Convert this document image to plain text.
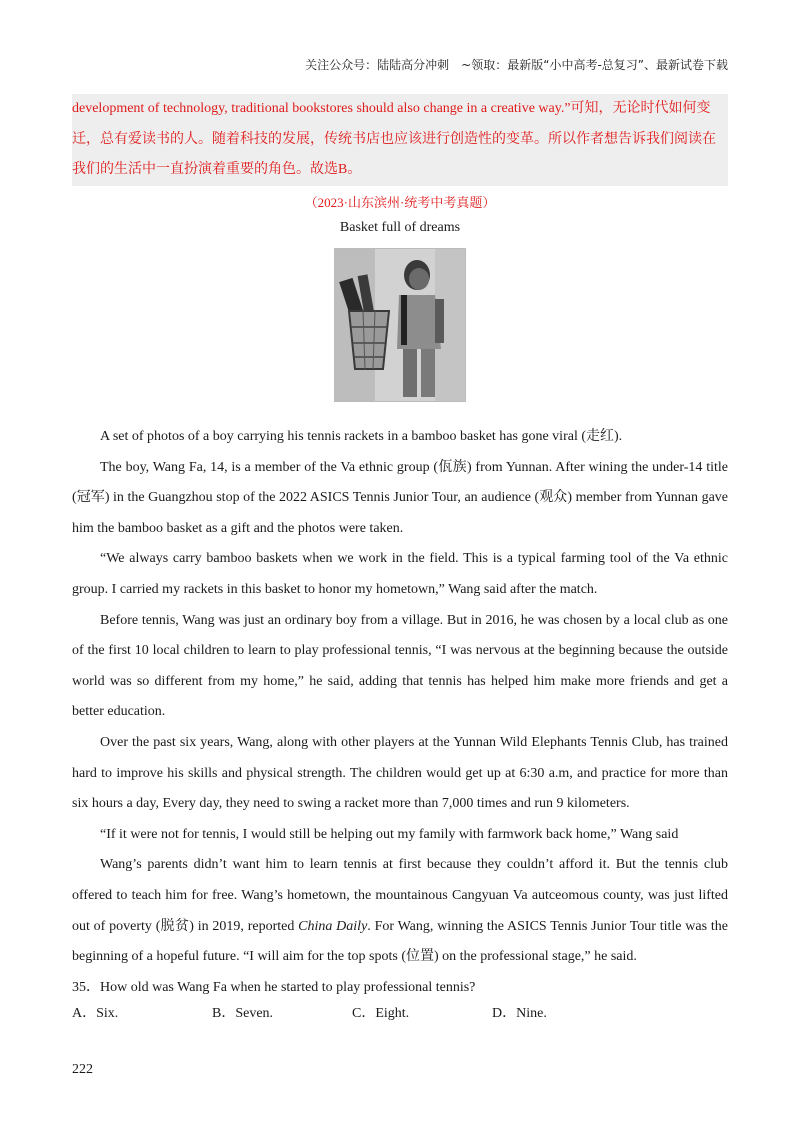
关注公众号：陆陆高分冲刺　~领取：最新版“小中高考-总复习”、最新试卷下载

development of technology, traditional bookstores should also change in a creative way.”可知，无论时代如何变迁，总有爱读书的人。随着科技的发展，传统书店也应该进行创造性的变革。所以作者想告诉我们阅读在我们的生活中一直扮演着重要的角色。故选B。

（2023·山东滨州·统考中考真题）
Basket full of dreams

A set of photos of a boy carrying his tennis rackets in a bamboo basket has gone viral (走红).

The boy, Wang Fa, 14, is a member of the Va ethnic group (佤族) from Yunnan. After wining the under-14 title (冠军) in the Guangzhou stop of the 2022 ASICS Tennis Junior Tour, an audience (观众) member from Yunnan gave him the bamboo basket as a gift and the photos were taken.

“We always carry bamboo baskets when we work in the field. This is a typical farming tool of the Va ethnic group. I carried my rackets in this basket to honor my hometown,” Wang said after the match.

Before tennis, Wang was just an ordinary boy from a village. But in 2016, he was chosen by a local club as one of the first 10 local children to learn to play professional tennis, “I was nervous at the beginning because the outside world was so different from my home,” he said, adding that tennis has helped him make more friends and get a better education.

Over the past six years, Wang, along with other players at the Yunnan Wild Elephants Tennis Club, has trained hard to improve his skills and physical strength. The children would get up at 6:30 a.m, and practice for more than six hours a day, Every day, they need to swing a racket more than 7,000 times and run 9 kilometers.

“If it were not for tennis, I would still be helping out my family with farmwork back home,” Wang said

Wang’s parents didn’t want him to learn tennis at first because they couldn’t afford it. But the tennis club offered to teach him for free. Wang’s hometown, the mountainous Cangyuan Va autceomous county, was just lifted out of poverty (脱贫) in 2019, reported China Daily. For Wang, winning the ASICS Tennis Junior Tour title was the beginning of a hopeful future. “I will aim for the top spots (位置) on the professional stage,” he said.

35．How old was Wang Fa when he started to play professional tennis?

A．Six.	B．Seven.	C．Eight.	D．Nine.
222
